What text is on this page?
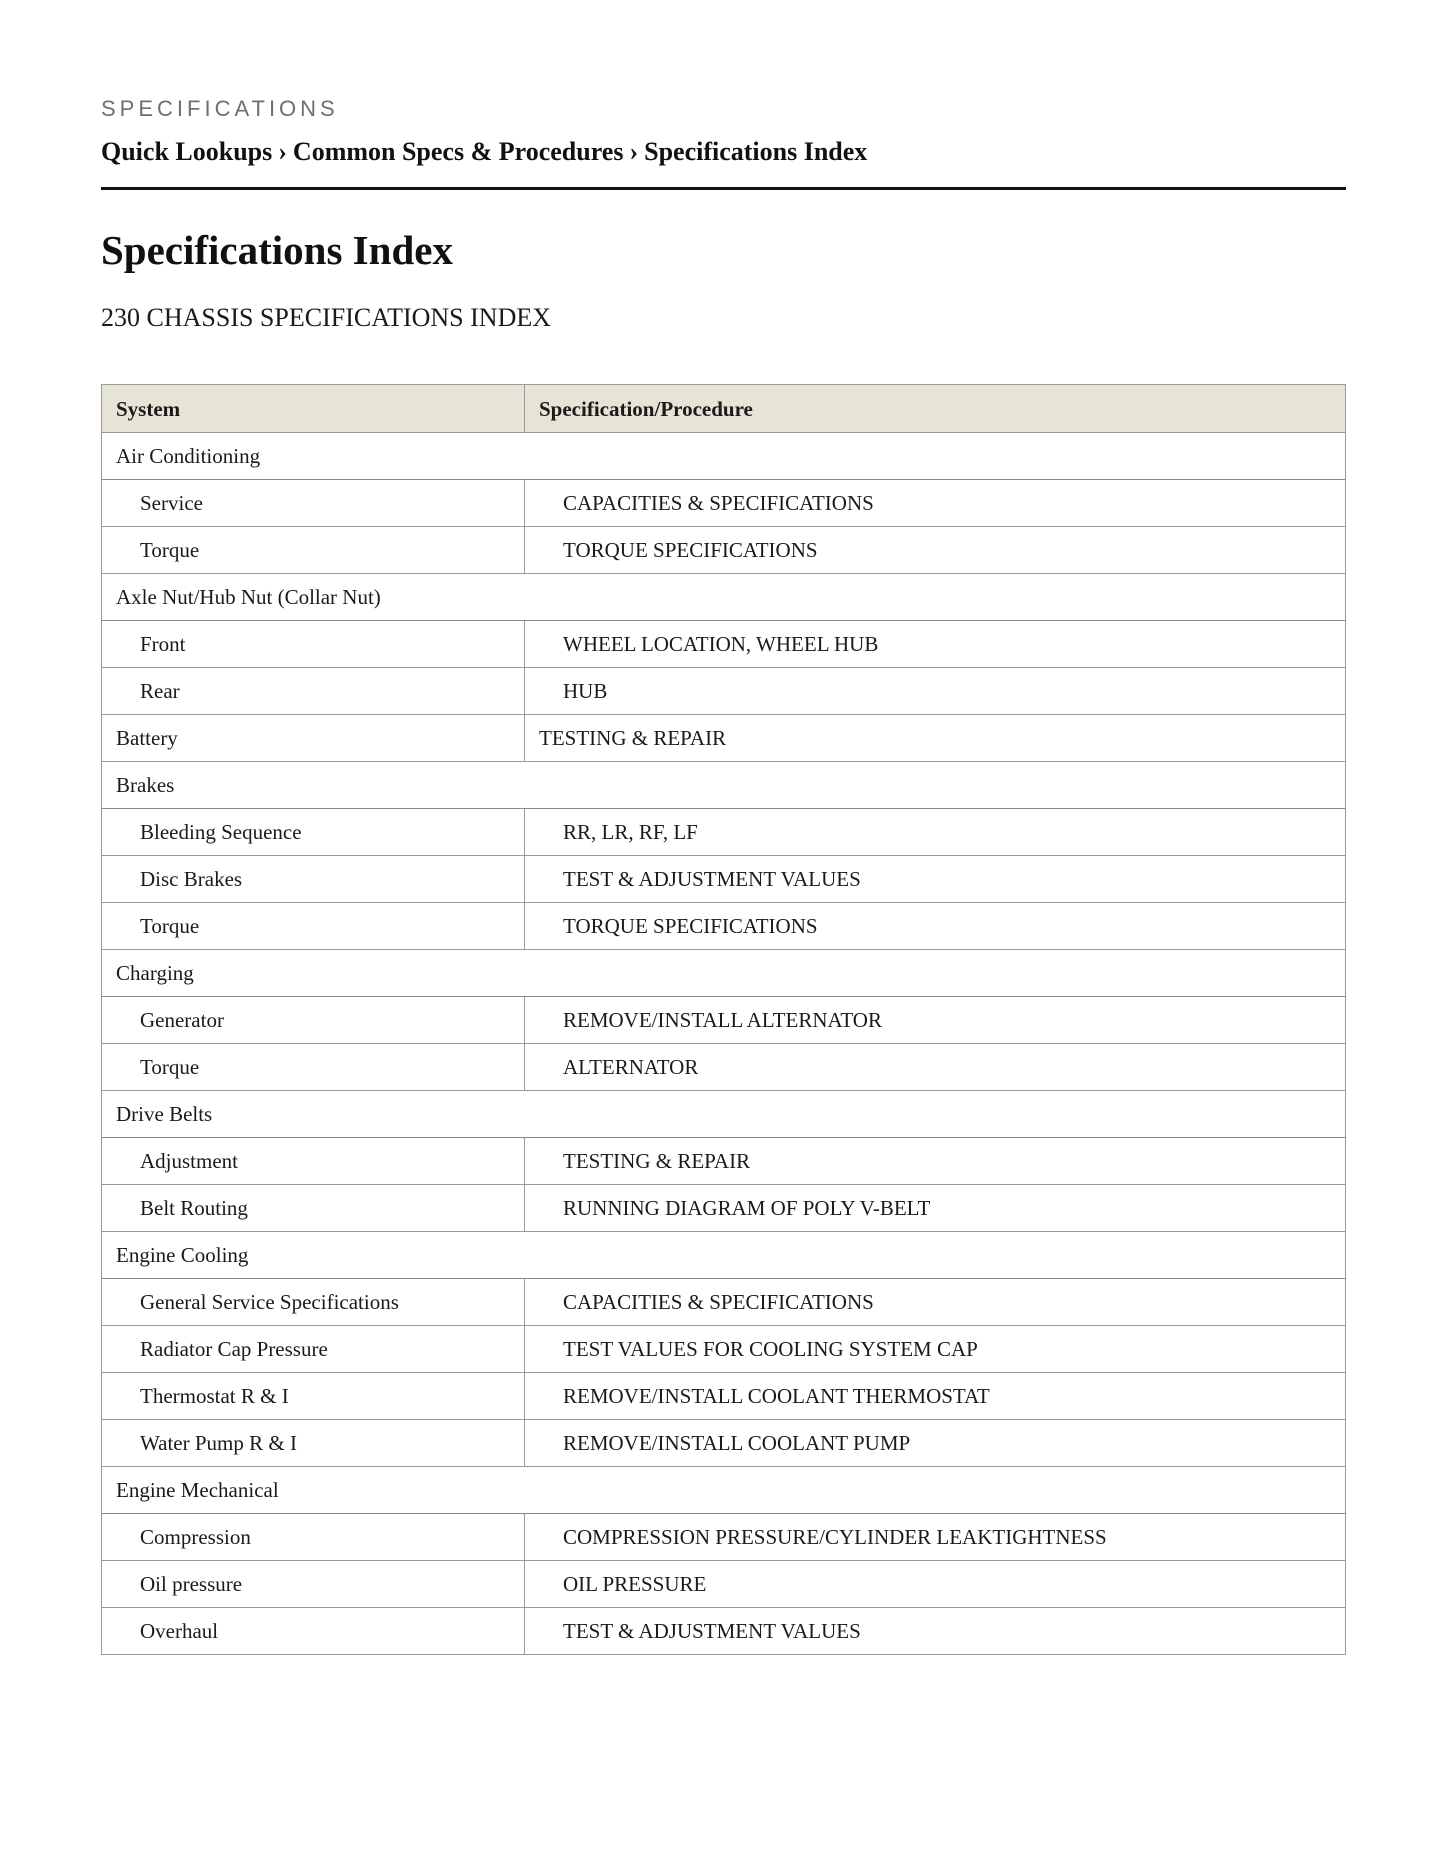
SPECIFICATIONS
Quick Lookups › Common Specs & Procedures › Specifications Index
Specifications Index
230 CHASSIS SPECIFICATIONS INDEX
System	Specification/Procedure
Air Conditioning	
Service	CAPACITIES & SPECIFICATIONS
Torque	TORQUE SPECIFICATIONS
Axle Nut/Hub Nut (Collar Nut)	
Front	WHEEL LOCATION, WHEEL HUB
Rear	HUB
Battery	TESTING & REPAIR
Brakes	
Bleeding Sequence	RR, LR, RF, LF
Disc Brakes	TEST & ADJUSTMENT VALUES
Torque	TORQUE SPECIFICATIONS
Charging	
Generator	REMOVE/INSTALL ALTERNATOR
Torque	ALTERNATOR
Drive Belts	
Adjustment	TESTING & REPAIR
Belt Routing	RUNNING DIAGRAM OF POLY V-BELT
Engine Cooling	
General Service Specifications	CAPACITIES & SPECIFICATIONS
Radiator Cap Pressure	TEST VALUES FOR COOLING SYSTEM CAP
Thermostat R & I	REMOVE/INSTALL COOLANT THERMOSTAT
Water Pump R & I	REMOVE/INSTALL COOLANT PUMP
Engine Mechanical	
Compression	COMPRESSION PRESSURE/CYLINDER LEAKTIGHTNESS
Oil pressure	OIL PRESSURE
Overhaul	TEST & ADJUSTMENT VALUES
